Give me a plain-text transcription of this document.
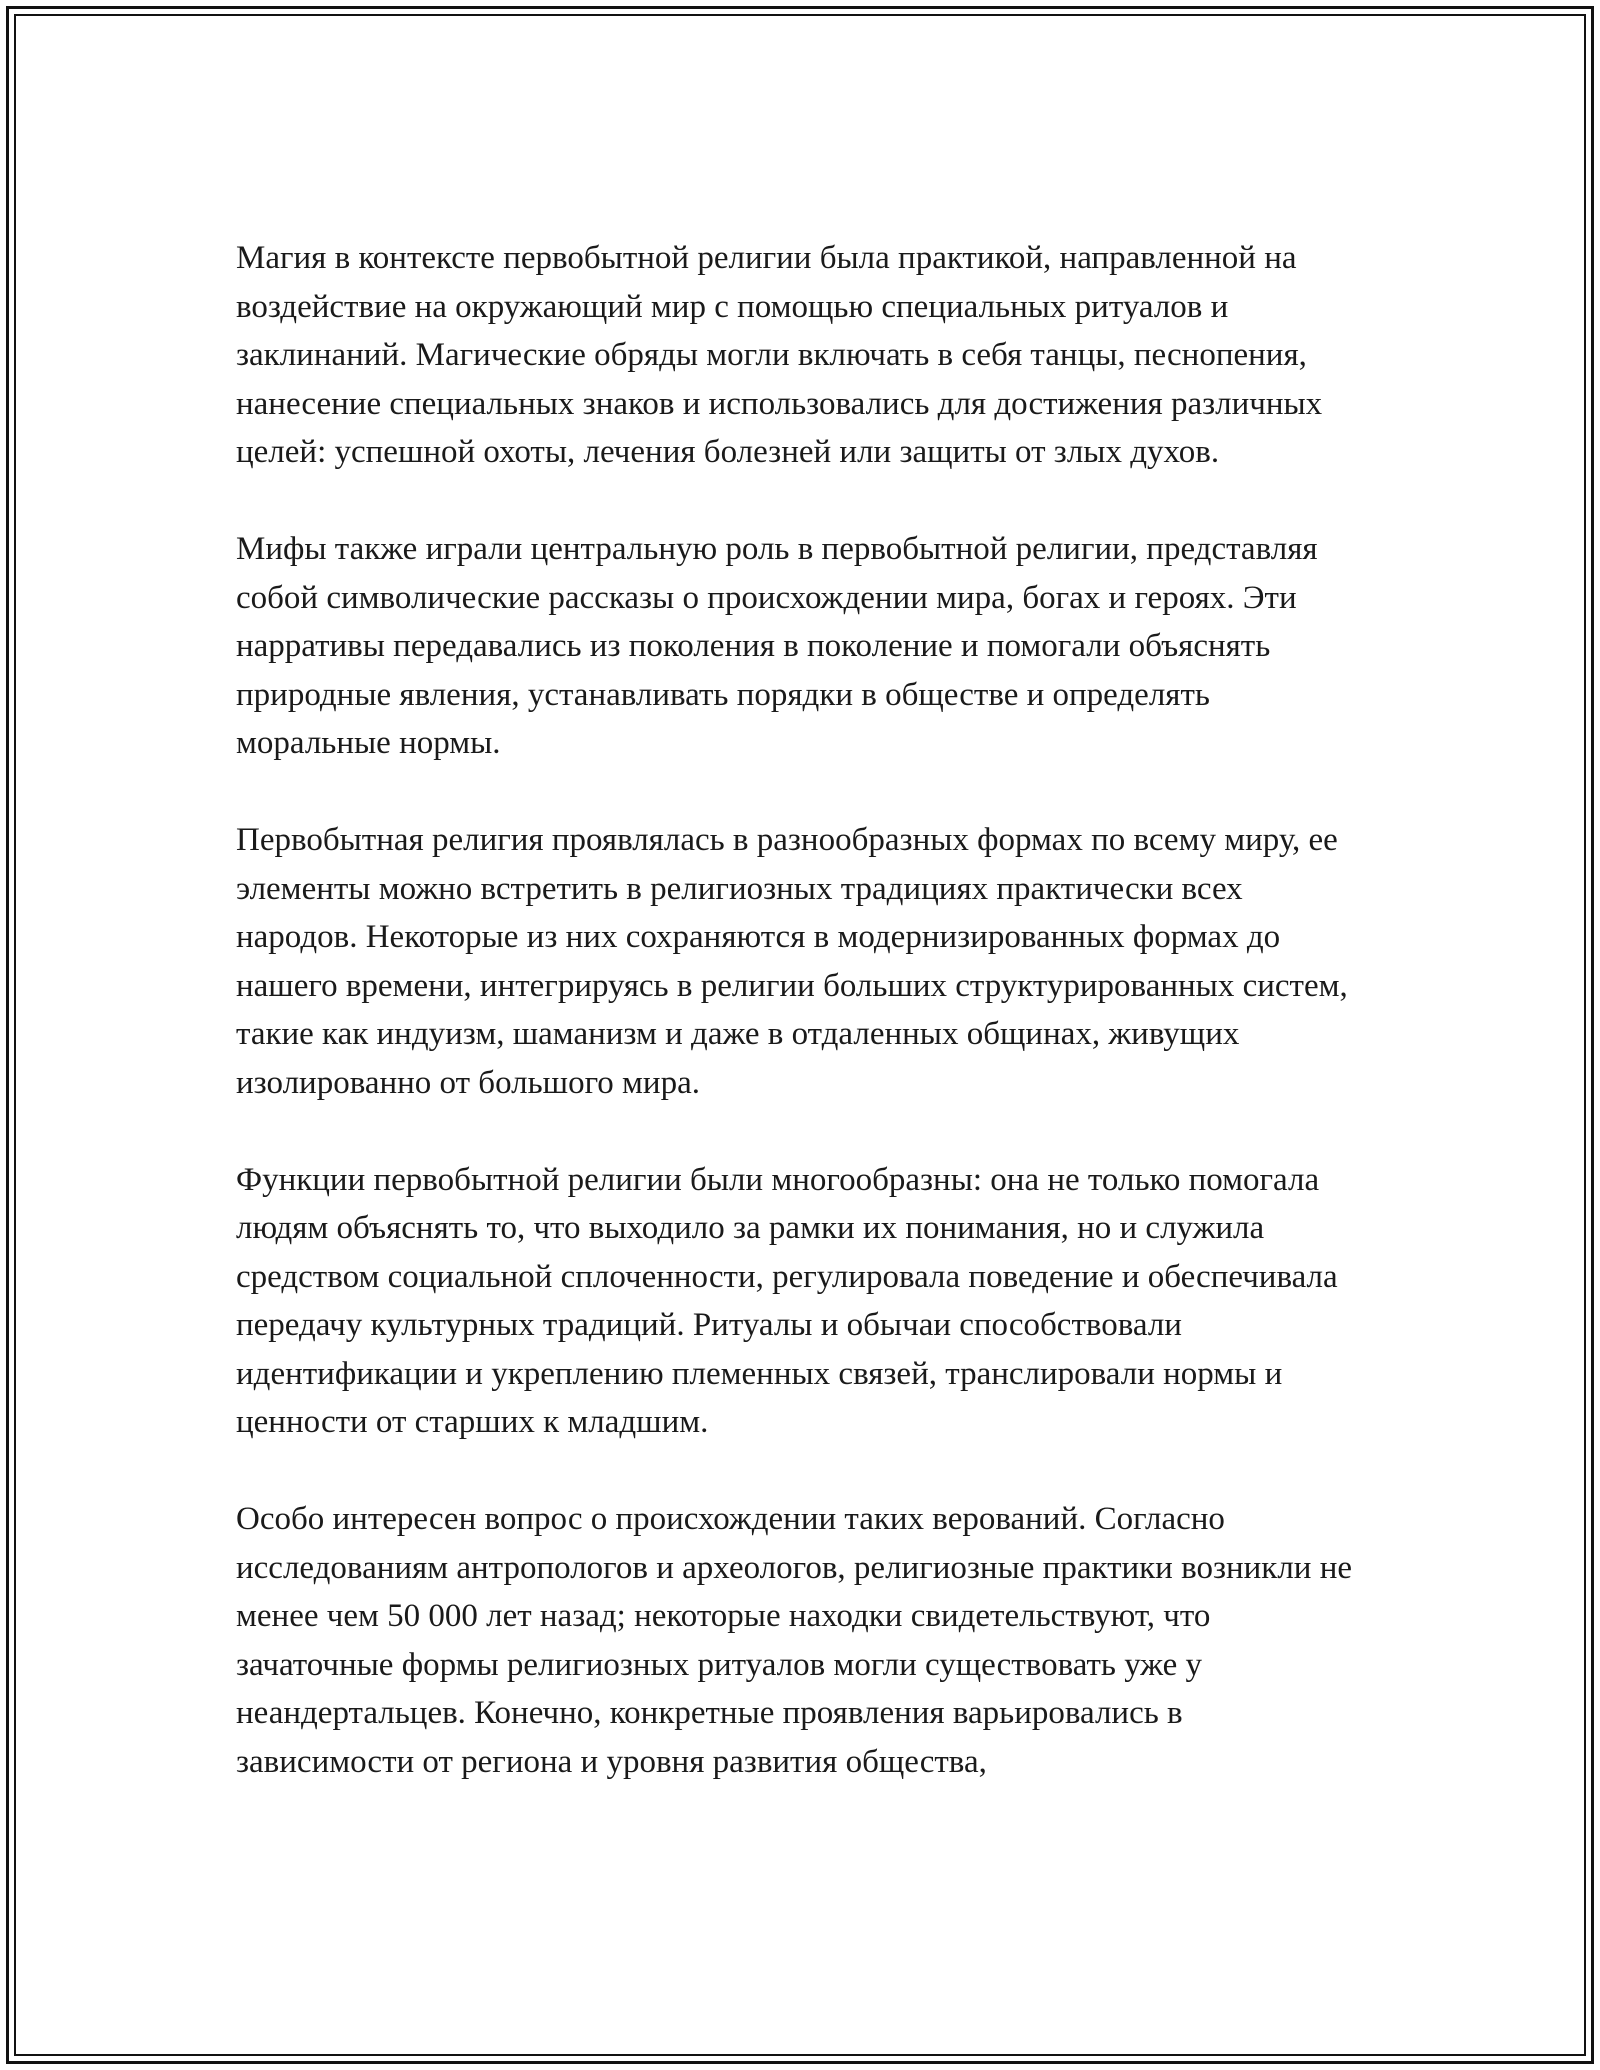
Магия в контексте первобытной религии была практикой, направленной на воздействие на окружающий мир с помощью специальных ритуалов и заклинаний. Магические обряды могли включать в себя танцы, песнопения, нанесение специальных знаков и использовались для достижения различных целей: успешной охоты, лечения болезней или защиты от злых духов.

Мифы также играли центральную роль в первобытной религии, представляя собой символические рассказы о происхождении мира, богах и героях. Эти нарративы передавались из поколения в поколение и помогали объяснять природные явления, устанавливать порядки в обществе и определять моральные нормы.

Первобытная религия проявлялась в разнообразных формах по всему миру, ее элементы можно встретить в религиозных традициях практически всех народов. Некоторые из них сохраняются в модернизированных формах до нашего времени, интегрируясь в религии больших структурированных систем, такие как индуизм, шаманизм и даже в отдаленных общинах, живущих изолированно от большого мира.

Функции первобытной религии были многообразны: она не только помогала людям объяснять то, что выходило за рамки их понимания, но и служила средством социальной сплоченности, регулировала поведение и обеспечивала передачу культурных традиций. Ритуалы и обычаи способствовали идентификации и укреплению племенных связей, транслировали нормы и ценности от старших к младшим.

Особо интересен вопрос о происхождении таких верований. Согласно исследованиям антропологов и археологов, религиозные практики возникли не менее чем 50 000 лет назад; некоторые находки свидетельствуют, что зачаточные формы религиозных ритуалов могли существовать уже у неандертальцев. Конечно, конкретные проявления варьировались в зависимости от региона и уровня развития общества,
